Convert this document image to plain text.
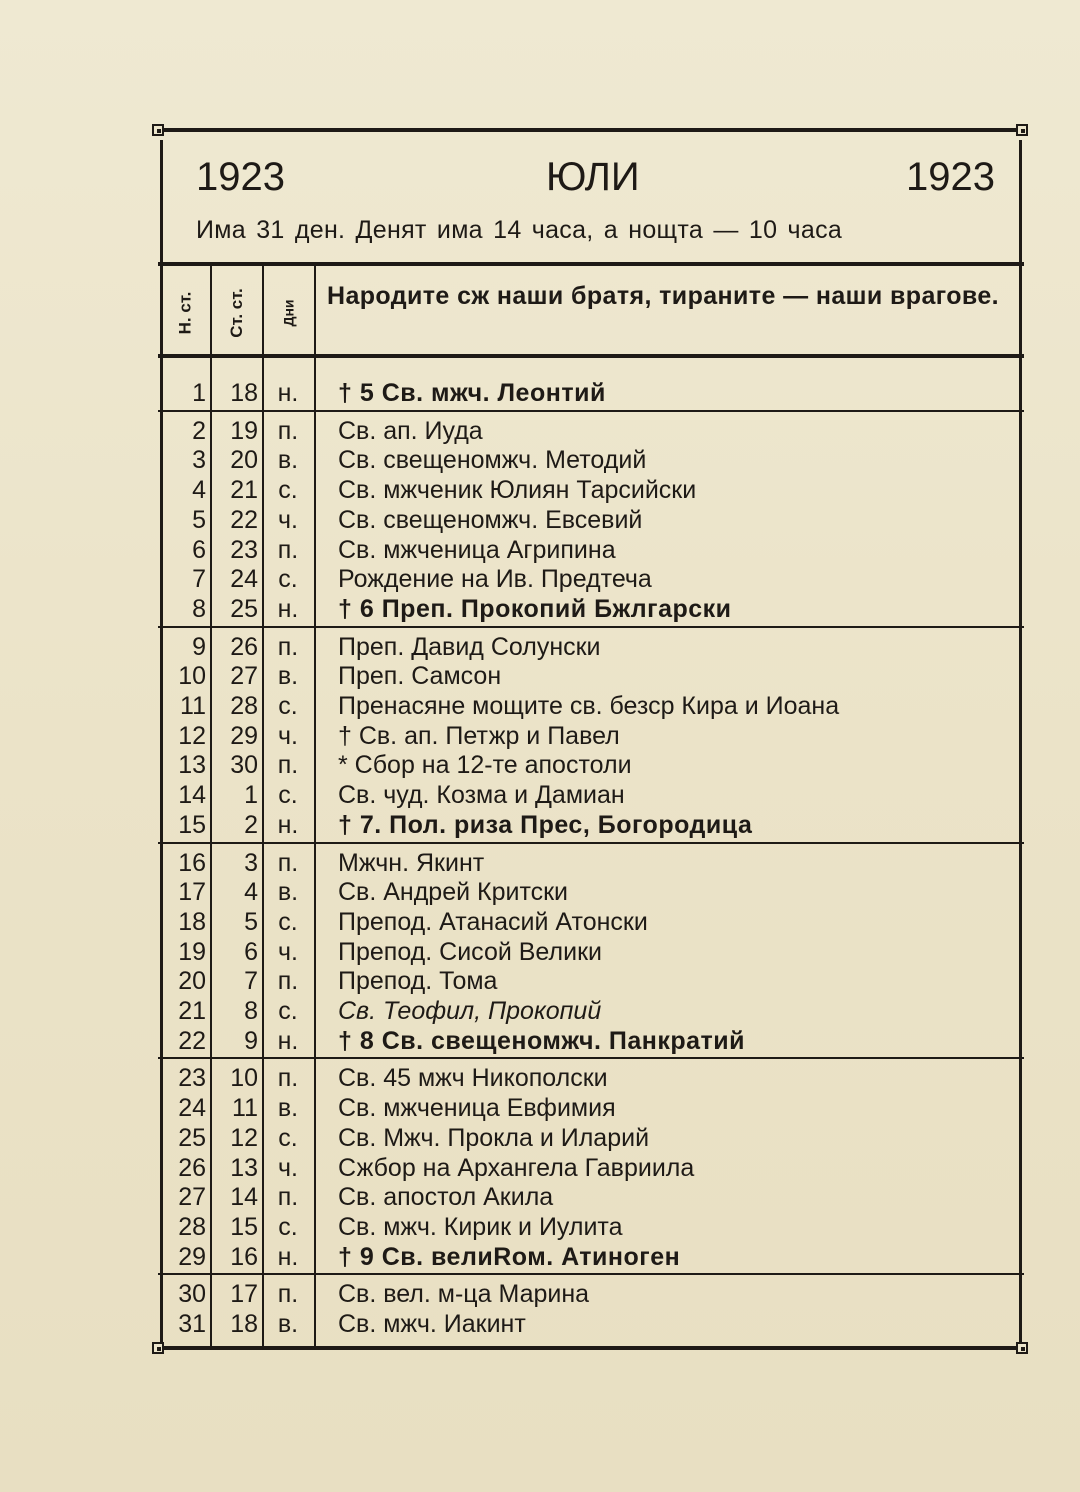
1923	ЮЛИ	1923
Има 31 ден. Денят има 14 часа, а нощта — 10 часа
Н. ст. Ст. ст. Дни
Народите сж наши братя, тираните — наши врагове.
1 18 н.	† 5 Св. мжч. Леонтий
2 19 п.	Св. ап. Иуда
3 20 в.	Св. свещеномжч. Методий
4 21 с.	Св. мжченик Юлиян Тарсийски
5 22 ч.	Св. свещеномжч. Евсевий
6 23 п.	Св. мжченица Агрипина
7 24 с.	Рождение на Ив. Предтеча
8 25 н.	† 6 Преп. Прокопий Бжлгарски
9 26 п.	Преп. Давид Солунски
10 27 в.	Преп. Самсон
11 28 с.	Пренасяне мощите св. безср Кира и Иоана
12 29 ч.	† Св. ап. Петжр и Павел
13 30 п.	* Сбор на 12-те апостоли
14	1 с.	Св. чуд. Козма и Дамиан
15	2 н.	† 7. Пол. риза Прес, Богородица
16	3 п.	Мжчн. Якинт
17	4 в.	Св. Андрей Критски
18	5 с.	Препод. Атанасий Атонски
19	6 ч.	Препод. Сисой Велики
20	7 п.	Препод. Тома
21	8 с.	Св. Теофил, Прокопий
22	9 н.	† 8 Св. свещеномжч. Панкратий
23 10 п.	Св. 45 мжч Никополски
24	11 в.	Св. мжченица Евфимия
25 12 с.	Св. Мжч. Прокла и Иларий
26 13 ч.	Сжбор на Архангела Гавриила
27 14 п.	Св. апостол Акила
28 15 с.	Св. мжч. Кирик и Иулита
29 16 н.	† 9 Св. велиRом. Атиноген
30 17 п.	Св. вел. м-ца Марина
31 18 в.	Св. мжч. Иакинт
